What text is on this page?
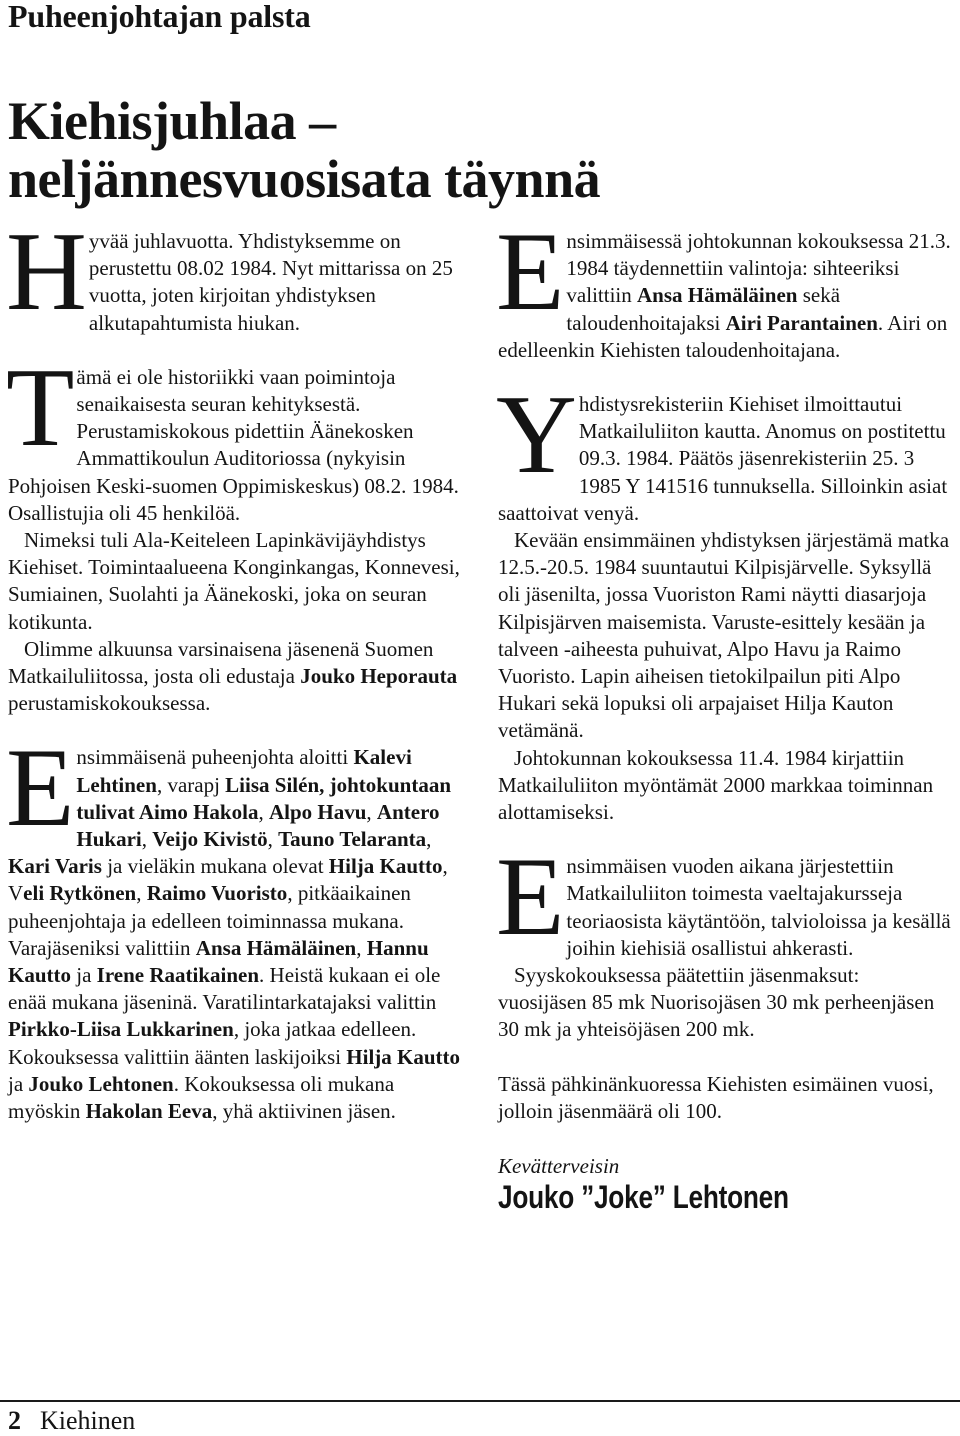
Puheenjohtajan palsta
Kiehisjuhlaa –
neljännesvuosisata täynnä

Hyvää juhlavuotta. Yhdistyksemme on perustettu 08.02 1984. Nyt mittarissa on 25 vuotta, joten kirjoitan yhdistyksen alkutapahtumista hiukan.

Tämä ei ole historiikki vaan poimintoja senaikaisesta seuran kehityksestä. Perustamiskokous pidettiin Äänekosken Ammattikoulun Auditoriossa (nykyisin Pohjoisen Keski-suomen Oppimiskeskus) 08.2. 1984. Osallistujia oli 45 henkilöä.

Nimeksi tuli Ala-Keiteleen Lapinkävijäyhdistys Kiehiset. Toimintaalueena Konginkangas, Konnevesi, Sumiainen, Suolahti ja Äänekoski, joka on seuran kotikunta.

Olimme alkuunsa varsinaisena jäsenenä Suomen Matkailuliitossa, josta oli edustaja Jouko Heporauta perustamiskokouksessa.

Ensimmäisenä puheenjohta aloitti Kalevi Lehtinen, varapj Liisa Silén, johtokuntaan tulivat Aimo Hakola, Alpo Havu, Antero Hukari, Veijo Kivistö, Tauno Telaranta, Kari Varis ja vieläkin mukana olevat Hilja Kautto, Veli Rytkönen, Raimo Vuoristo, pitkäaikainen puheenjohtaja ja edelleen toiminnassa mukana. Varajäseniksi valittiin Ansa Hämäläinen, Hannu Kautto ja Irene Raatikainen. Heistä kukaan ei ole enää mukana jäseninä. Varatilintarkatajaksi valittin Pirkko-Liisa Lukkarinen, joka jatkaa edelleen. Kokouksessa valittiin äänten laskijoiksi Hilja Kautto ja Jouko Lehtonen. Kokouksessa oli mukana myöskin Hakolan Eeva, yhä aktiivinen jäsen.

Ensimmäisessä johtokunnan kokouksessa 21.3. 1984 täydennettiin valintoja: sihteeriksi valittiin Ansa Hämäläinen sekä taloudenhoitajaksi Airi Parantainen. Airi on edelleenkin Kiehisten taloudenhoitajana.

Yhdistysrekisteriin Kiehiset ilmoittautui Matkailuliiton kautta. Anomus on postitettu 09.3. 1984. Päätös jäsenrekisteriin 25. 3 1985 Y 141516 tunnuksella. Silloinkin asiat saattoivat venyä.

Kevään ensimmäinen yhdistyksen järjestämä matka 12.5.-20.5. 1984 suuntautui Kilpisjärvelle. Syksyllä oli jäsenilta, jossa Vuoriston Rami näytti diasarjoja Kilpisjärven maisemista. Varuste-esittely kesään ja talveen -aiheesta puhuivat, Alpo Havu ja Raimo Vuoristo. Lapin aiheisen tietokilpailun piti Alpo Hukari sekä lopuksi oli arpajaiset Hilja Kauton vetämänä.

Johtokunnan kokouksessa 11.4. 1984 kirjattiin Matkailuliiton myöntämät 2000 markkaa toiminnan alottamiseksi.

Ensimmäisen vuoden aikana järjestettiin Matkailuliiton toimesta vaeltajakursseja teoriaosista käytäntöön, talvioloissa ja kesällä joihin kiehisiä osallistui ahkerasti.

Syyskokouksessa päätettiin jäsenmaksut: vuosijäsen 85 mk Nuorisojäsen 30 mk perheenjäsen 30 mk ja yhteisöjäsen 200 mk.

Tässä pähkinänkuoressa Kiehisten esimäinen vuosi, jolloin jäsenmäärä oli 100.

Kevätterveisin
Jouko ”Joke” Lehtonen
2 Kiehinen
